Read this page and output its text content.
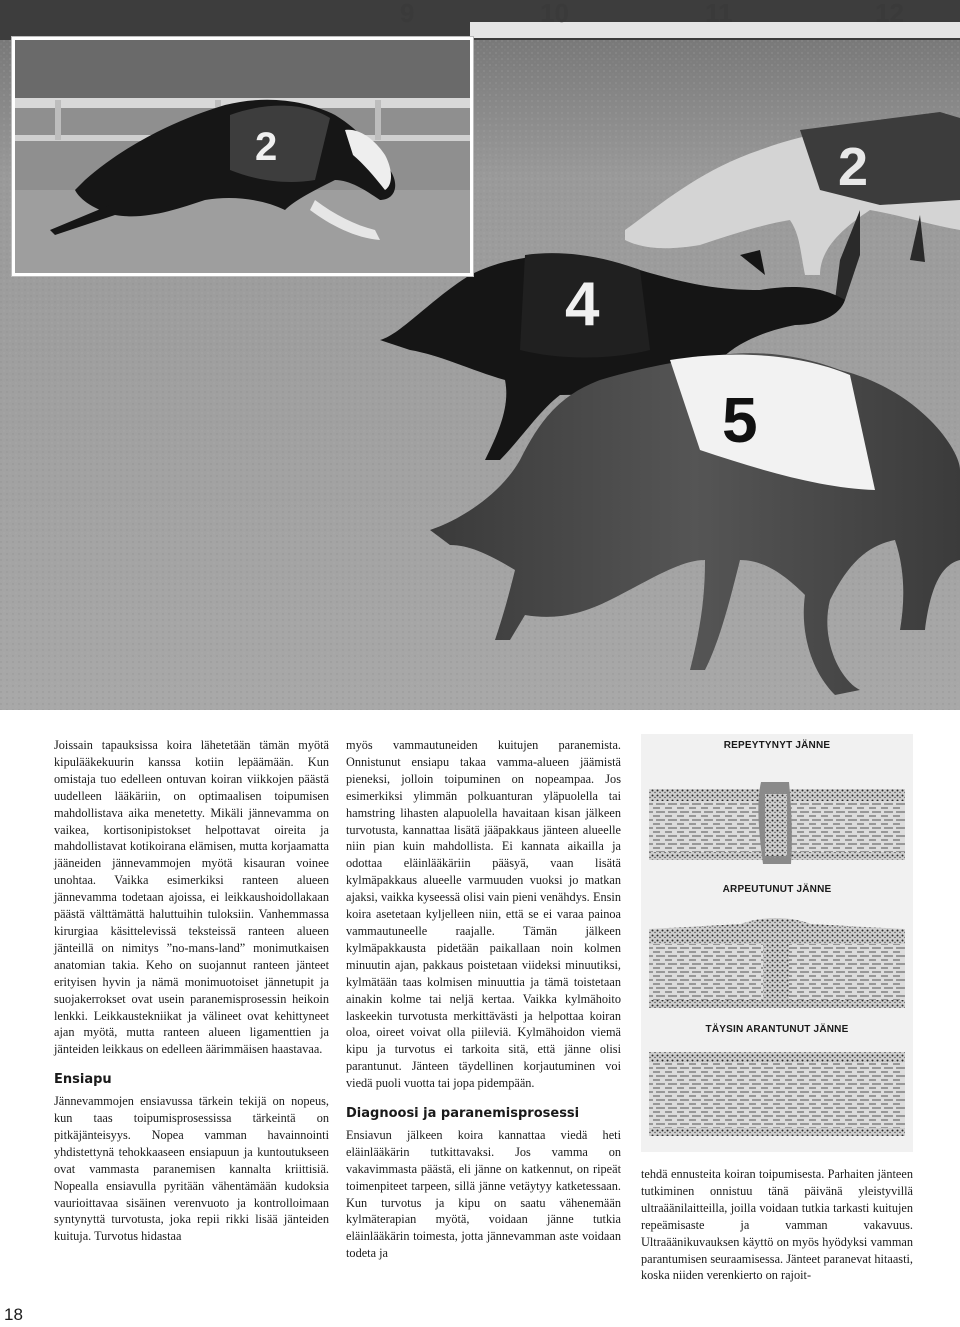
9	10	11	12
2
4
5
2

Joissain tapauksissa koira lähetetään tämän myötä kipulääkekuurin kanssa kotiin lepäämään. Kun omistaja tuo edelleen ontuvan koiran viikkojen päästä uudelleen lääkäriin, on optimaalisen toipumisen mahdollistava aika menetetty. Mikäli jännevamma on vaikea, kortisonipistokset helpottavat oireita ja mahdollistavat kotikoirana elämisen, mutta korjaamatta jääneiden jännevammojen myötä kisauran voinee unohtaa. Vaikka esimerkiksi ranteen alueen jännevamma todetaan ajoissa, ei leikkaushoidollakaan päästä välttämättä haluttuihin tuloksiin. Vanhemmassa kirurgiaa käsittelevissä teksteissä ranteen alueen jänteillä on nimitys ”no-mans-land” monimutkaisen anatomian takia. Keho on suojannut ranteen jänteet erityisen hyvin ja nämä monimuotoiset jännetupit ja suojakerrokset ovat usein paranemisprosessin heikoin lenkki. Leikkaustekniikat ja välineet ovat kehittyneet ajan myötä, mutta ranteen alueen ligamenttien ja jänteiden leikkaus on edelleen äärimmäisen haastavaa.

Ensiapu

Jännevammojen ensiavussa tärkein tekijä on nopeus, kun taas toipumisprosessissa tärkeintä on pitkäjänteisyys. Nopea vamman havainnointi yhdistettynä tehokkaaseen ensiapuun ja kuntoutukseen ovat vammasta paranemisen kannalta kriittisiä. Nopealla ensiavulla pyritään vähentämään kudoksia vaurioittavaa sisäinen verenvuoto ja kontrolloimaan syntynyttä turvotusta, joka repii rikki lisää jänteiden kuituja. Turvotus hidastaa

myös vammautuneiden kuitujen paranemista. Onnistunut ensiapu takaa vamma-alueen jäämistä pieneksi, jolloin toipuminen on nopeampaa. Jos esimerkiksi ylimmän polkuanturan yläpuolella tai hamstring lihasten alapuolella havaitaan kisan jälkeen turvotusta, kannattaa lisätä jääpakkaus jänteen alueelle niin pian kuin mahdollista. Ei kannata aikailla ja odottaa eläinlääkäriin pääsyä, vaan lisätä kylmäpakkaus alueelle varmuuden vuoksi jo matkan ajaksi, vaikka kyseessä olisi vain pieni venähdys. Ensin koira asetetaan kyljelleen niin, että se ei varaa painoa vammautuneelle raajalle. Tämän jälkeen kylmäpakkausta pidetään paikallaan noin kolmen minuutin ajan, pakkaus poistetaan viideksi minuutiksi, kylmätään taas kolmisen minuuttia ja tämä toistetaan ainakin kolme tai neljä kertaa. Vaikka kylmähoito laskeekin turvotusta merkittävästi ja helpottaa koiran oloa, oireet voivat olla piileviä. Kylmähoidon viemä kipu ja turvotus ei tarkoita sitä, että jänne olisi parantunut. Jänteen täydellinen korjautuminen voi viedä puoli vuotta tai jopa pidempään.

Diagnoosi ja paranemisprosessi

Ensiavun jälkeen koira kannattaa viedä heti eläinlääkärin tutkittavaksi. Jos vamma on vakavimmasta päästä, eli jänne on katkennut, on ripeät toimenpiteet tarpeen, sillä jänne vetäytyy katketessaan. Kun turvotus ja kipu on saatu vähenemään kylmäterapian myötä, voidaan jänne tutkia eläinlääkärin toimesta, jotta jännevamman aste voidaan todeta ja

REPEYTYNYT JÄNNE
ARPEUTUNUT JÄNNE
TÄYSIN ARANTUNUT JÄNNE

tehdä ennusteita koiran toipumisesta. Parhaiten jänteen tutkiminen onnistuu tänä päivänä yleistyvillä ultraäänilaitteilla, joilla voidaan tutkia tarkasti kuitujen repeämisaste ja vamman vakavuus. Ultraäänikuvauksen käyttö on myös hyödyksi vamman parantumisen seuraamisessa. Jänteet paranevat hitaasti, koska niiden verenkierto on rajoit-

18
